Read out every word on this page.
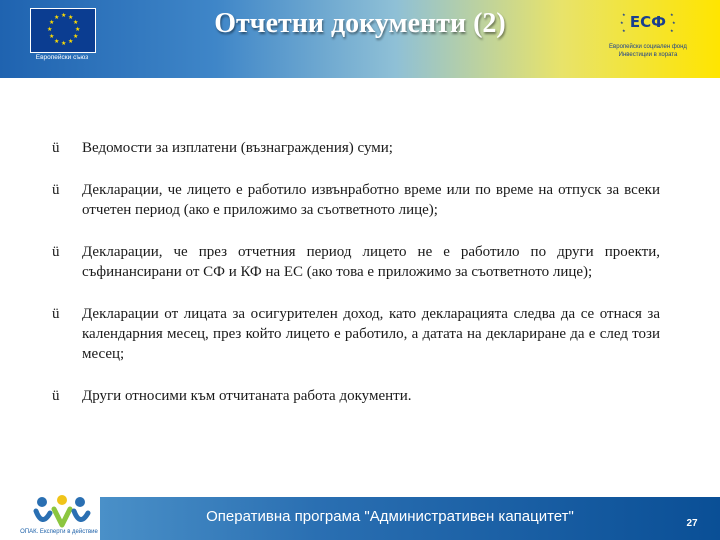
★ ★
★
★
★
★
★
★
★
★
★
★
Европейски съюз
Отчетни документи (2)	★
★
★
★
★
★
ЕСФ
Европейски социален фонд
Инвестиции в хората
ü Ведомости за изплатени (възнаграждения) суми;
ü Декларации, че лицето е работило извънработно време или по време на отпуск за всеки отчетен период (ако е приложимо за съответното лице);
ü Декларации, че през отчетния период лицето не е работило по други проекти, съфинансирани от СФ и КФ на ЕС (ако това е приложимо за съответното лице);
ü Декларации от лицата за осигурителен доход, като декларацията следва да се отнася за календарния месец, през който лицето е работило, а датата на деклариране да е след този месец;
ü Други относими към отчитаната работа документи.
Оперативна програма "Административен капацитет"	27
ОПАК. Експерти в действие
